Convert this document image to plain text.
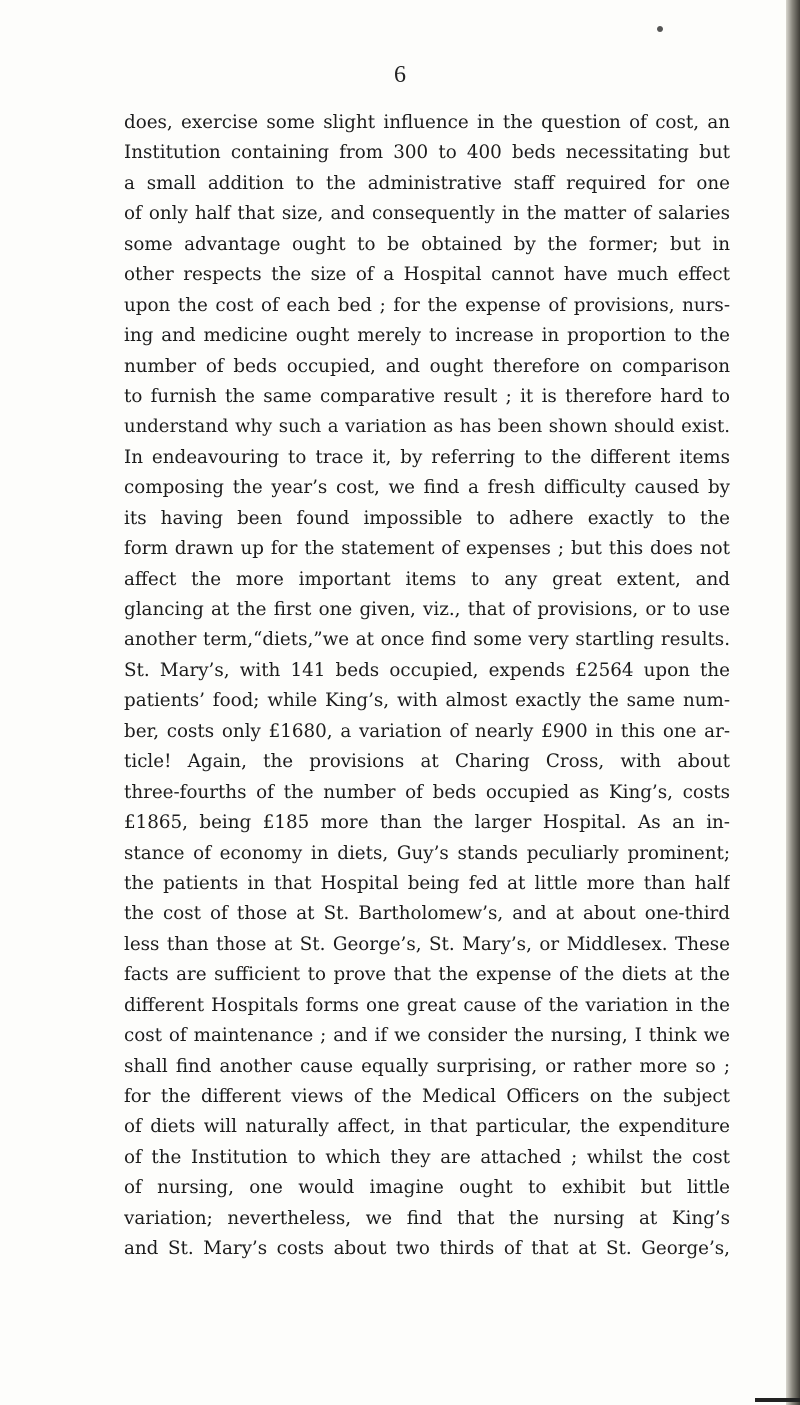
6
does, exercise some slight influence in the question of cost, an
Institution containing from 300 to 400 beds necessitating but
a small addition to the administrative staff required for one
of only half that size, and consequently in the matter of salaries
some advantage ought to be obtained by the former; but in
other respects the size of a Hospital cannot have much effect
upon the cost of each bed ; for the expense of provisions, nurs-
ing and medicine ought merely to increase in proportion to the
number of beds occupied, and ought therefore on comparison
to furnish the same comparative result ; it is therefore hard to
understand why such a variation as has been shown should exist.
In endeavouring to trace it, by referring to the different items
composing the year’s cost, we find a fresh difficulty caused by
its having been found impossible to adhere exactly to the
form drawn up for the statement of expenses ; but this does not
affect the more important items to any great extent, and
glancing at the first one given, viz., that of provisions, or to use
another term,“diets,”we at once find some very startling results.
St. Mary’s, with 141 beds occupied, expends £2564 upon the
patients’ food; while King’s, with almost exactly the same num-
ber, costs only £1680, a variation of nearly £900 in this one ar-
ticle! Again, the provisions at Charing Cross, with about
three-fourths of the number of beds occupied as King’s, costs
£1865, being £185 more than the larger Hospital. As an in-
stance of economy in diets, Guy’s stands peculiarly prominent;
the patients in that Hospital being fed at little more than half
the cost of those at St. Bartholomew’s, and at about one-third
less than those at St. George’s, St. Mary’s, or Middlesex. These
facts are sufficient to prove that the expense of the diets at the
different Hospitals forms one great cause of the variation in the
cost of maintenance ; and if we consider the nursing, I think we
shall find another cause equally surprising, or rather more so ;
for the different views of the Medical Officers on the subject
of diets will naturally affect, in that particular, the expenditure
of the Institution to which they are attached ; whilst the cost
of nursing, one would imagine ought to exhibit but little
variation; nevertheless, we find that the nursing at King’s
and St. Mary’s costs about two thirds of that at St. George’s,
